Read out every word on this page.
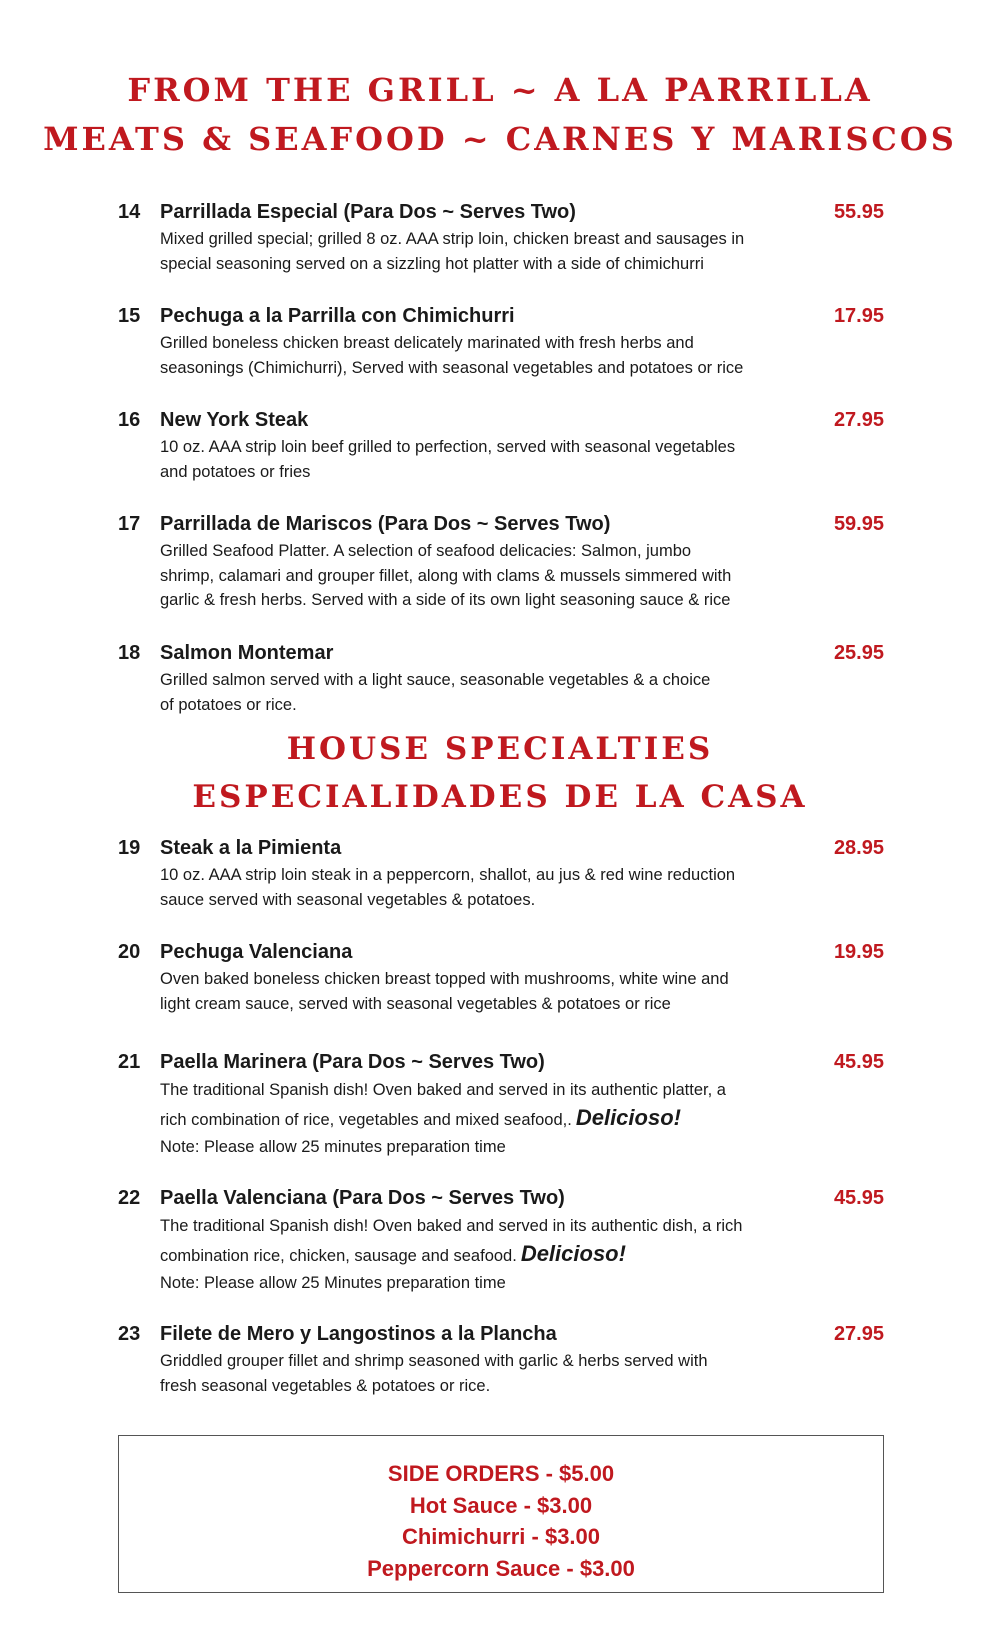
FROM THE GRILL ~ A LA PARRILLA
MEATS & SEAFOOD ~ CARNES Y MARISCOS
14 Parrillada Especial (Para Dos ~ Serves Two)	55.95
Mixed grilled special; grilled 8 oz. AAA strip loin, chicken breast and sausages in
special seasoning served on a sizzling hot platter with a side of chimichurri
15 Pechuga a la Parrilla con Chimichurri	17.95
Grilled boneless chicken breast delicately marinated with fresh herbs and
seasonings (Chimichurri), Served with seasonal vegetables and potatoes or rice
16 New York Steak	27.95
10 oz. AAA strip loin beef grilled to perfection, served with seasonal vegetables
and potatoes or fries
17 Parrillada de Mariscos (Para Dos ~ Serves Two)	59.95
Grilled Seafood Platter. A selection of seafood delicacies: Salmon, jumbo
shrimp, calamari and grouper fillet, along with clams & mussels simmered with
garlic & fresh herbs. Served with a side of its own light seasoning sauce & rice
18 Salmon Montemar	25.95
Grilled salmon served with a light sauce, seasonable vegetables & a choice
of potatoes or rice.
HOUSE SPECIALTIES
ESPECIALIDADES DE LA CASA
19 Steak a la Pimienta	28.95
10 oz. AAA strip loin steak in a peppercorn, shallot, au jus & red wine reduction
sauce served with seasonal vegetables & potatoes.
20 Pechuga Valenciana	19.95
Oven baked boneless chicken breast topped with mushrooms, white wine and
light cream sauce, served with seasonal vegetables & potatoes or rice
21 Paella Marinera (Para Dos ~ Serves Two)	45.95
The traditional Spanish dish! Oven baked and served in its authentic platter, a
rich combination of rice, vegetables and mixed seafood,. Delicioso!
Note: Please allow 25 minutes preparation time
22 Paella Valenciana (Para Dos ~ Serves Two)	45.95
The traditional Spanish dish! Oven baked and served in its authentic dish, a rich
combination rice, chicken, sausage and seafood. Delicioso!
Note: Please allow 25 Minutes preparation time
23 Filete de Mero y Langostinos a la Plancha	27.95
Griddled grouper fillet and shrimp seasoned with garlic & herbs served with
fresh seasonal vegetables & potatoes or rice.
SIDE ORDERS - $5.00
Hot Sauce - $3.00
Chimichurri - $3.00
Peppercorn Sauce - $3.00
